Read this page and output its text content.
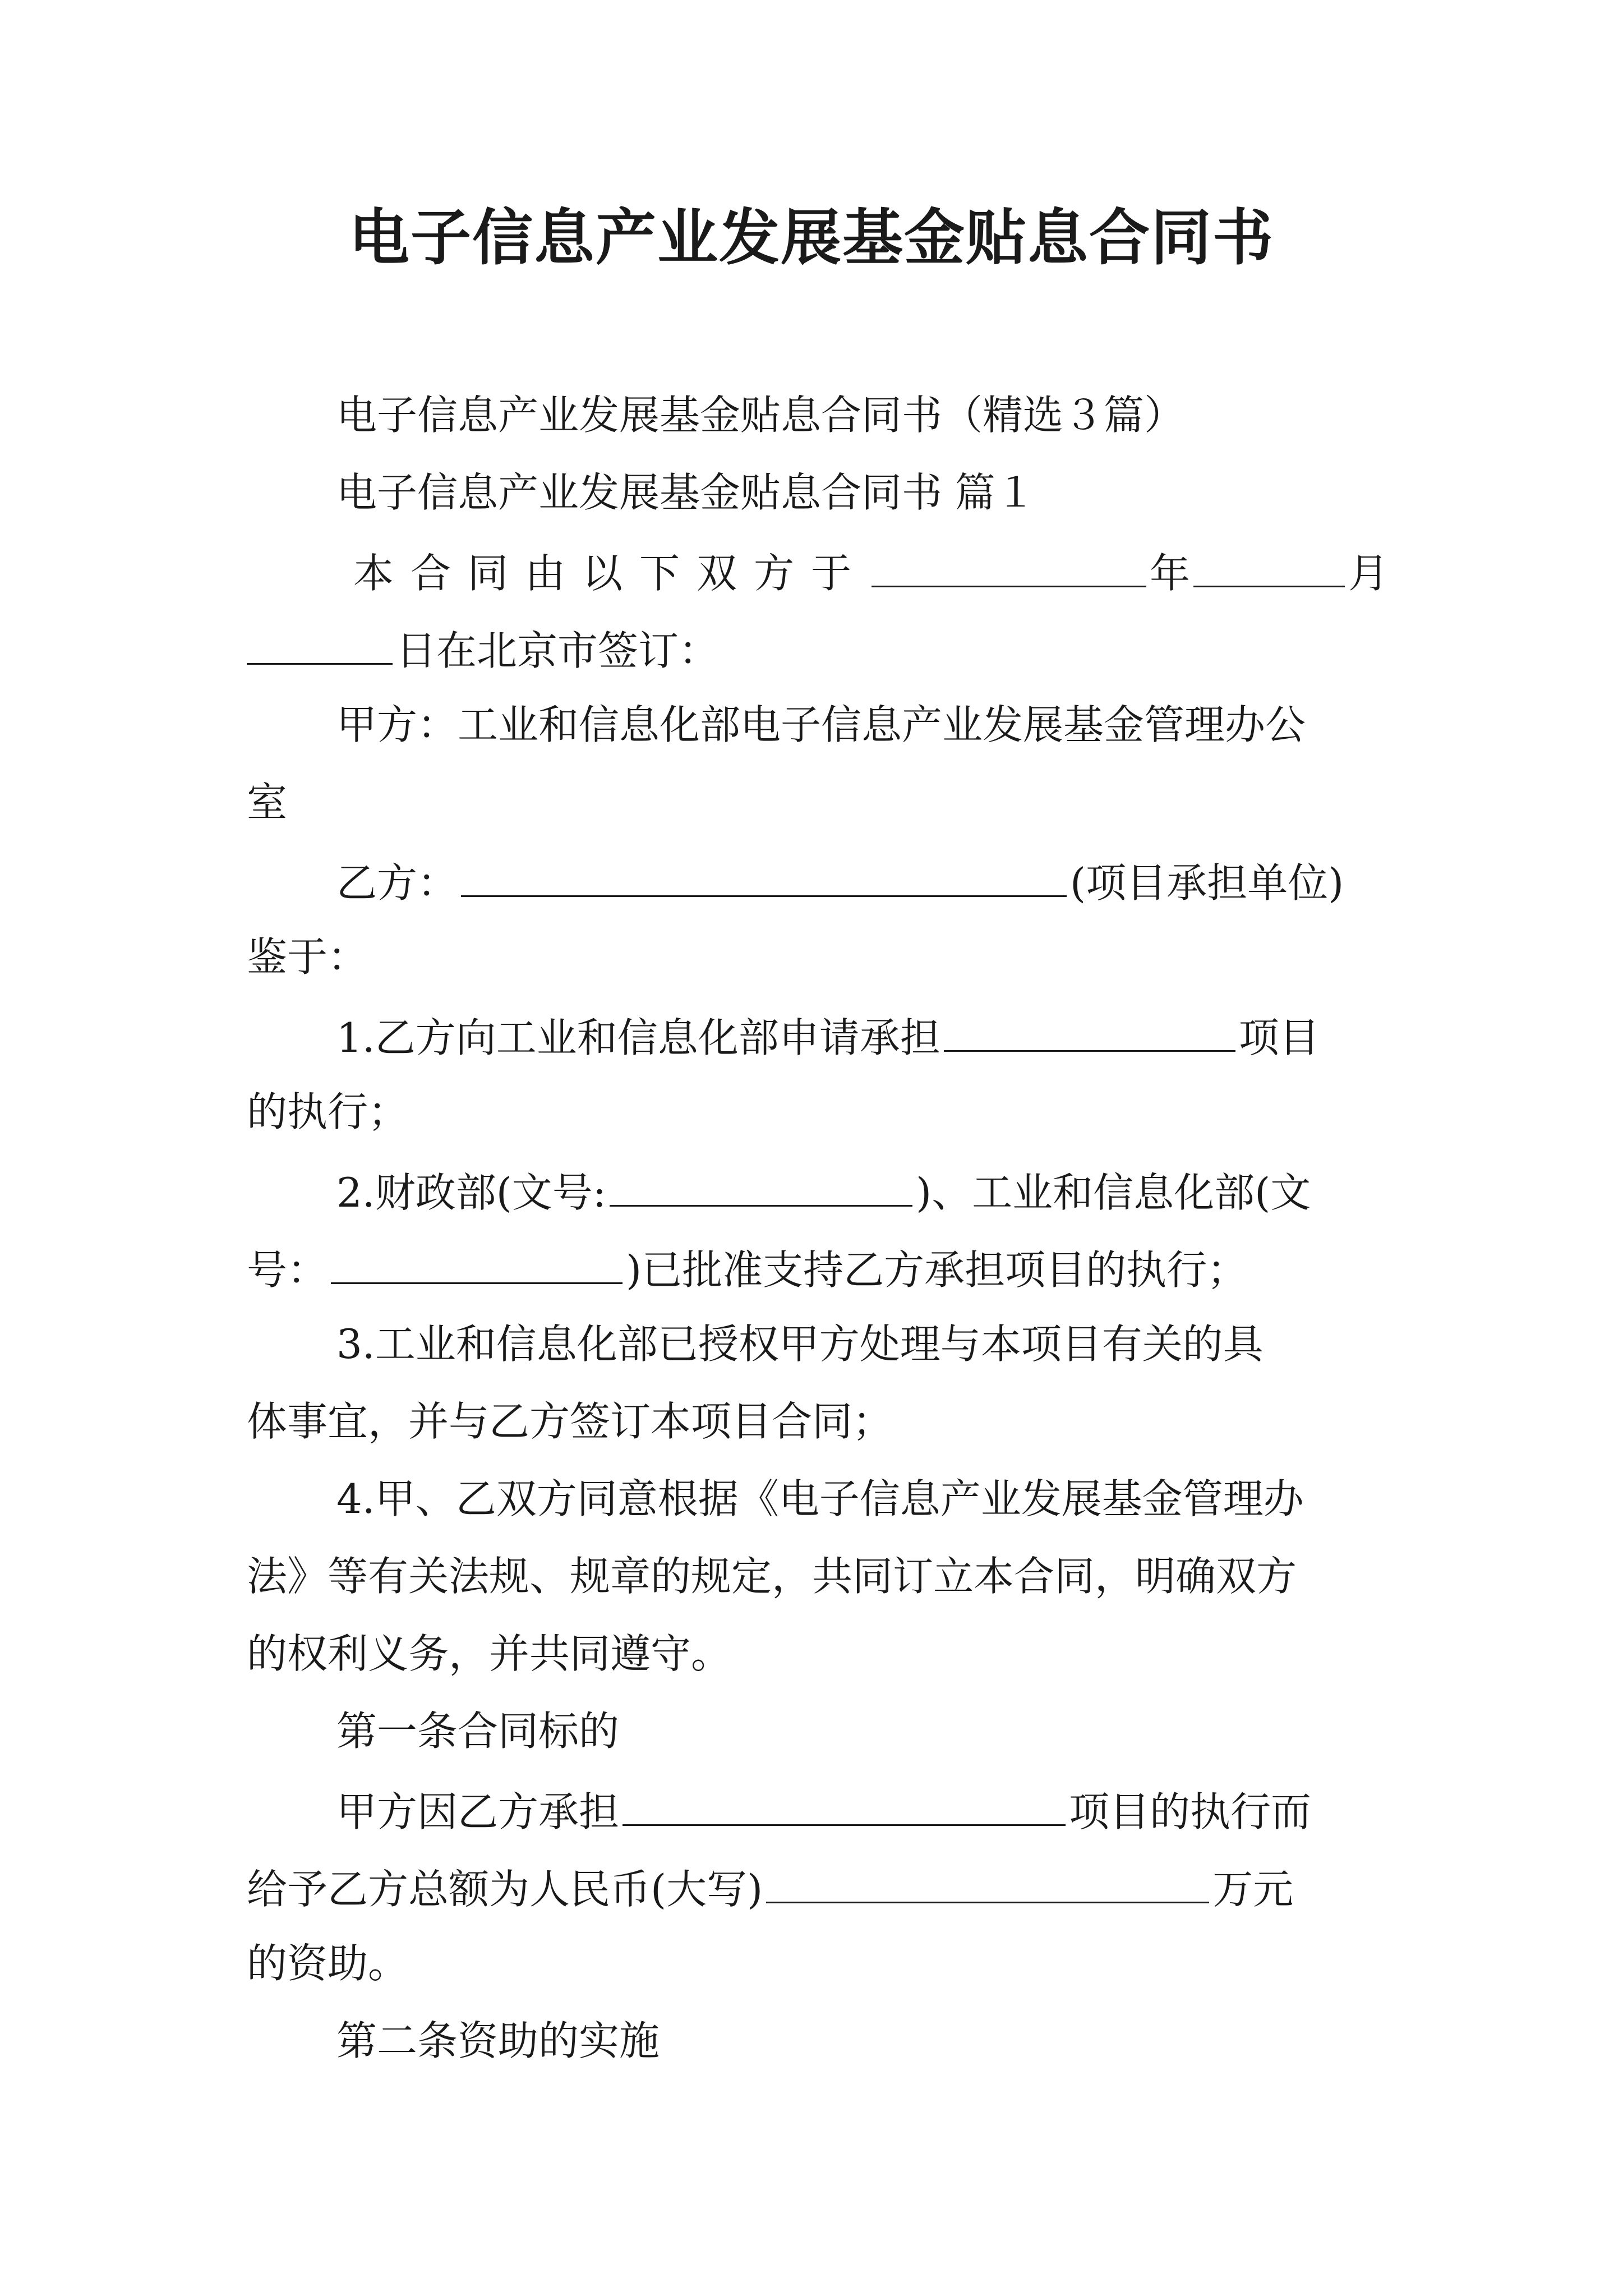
电子信息产业发展基金贴息合同书
电子信息产业发展基金贴息合同书（精选３篇）
电子信息产业发展基金贴息合同书 篇１
本合同由以下双方于	年	月
日在北京市签订：
甲方：工业和信息化部电子信息产业发展基金管理办公
室
乙方：	(项目承担单位)
鉴于：
1.乙方向工业和信息化部申请承担	项目
的执行；
2.财政部(文号:	)、工业和信息化部(文
号：	)已批准支持乙方承担项目的执行；
3.工业和信息化部已授权甲方处理与本项目有关的具
体事宜，并与乙方签订本项目合同；
4.甲、乙双方同意根据《电子信息产业发展基金管理办
法》等有关法规、规章的规定，共同订立本合同，明确双方
的权利义务，并共同遵守。
第一条合同标的
甲方因乙方承担	项目的执行而
给予乙方总额为人民币(大写)	万元
的资助。
第二条资助的实施
